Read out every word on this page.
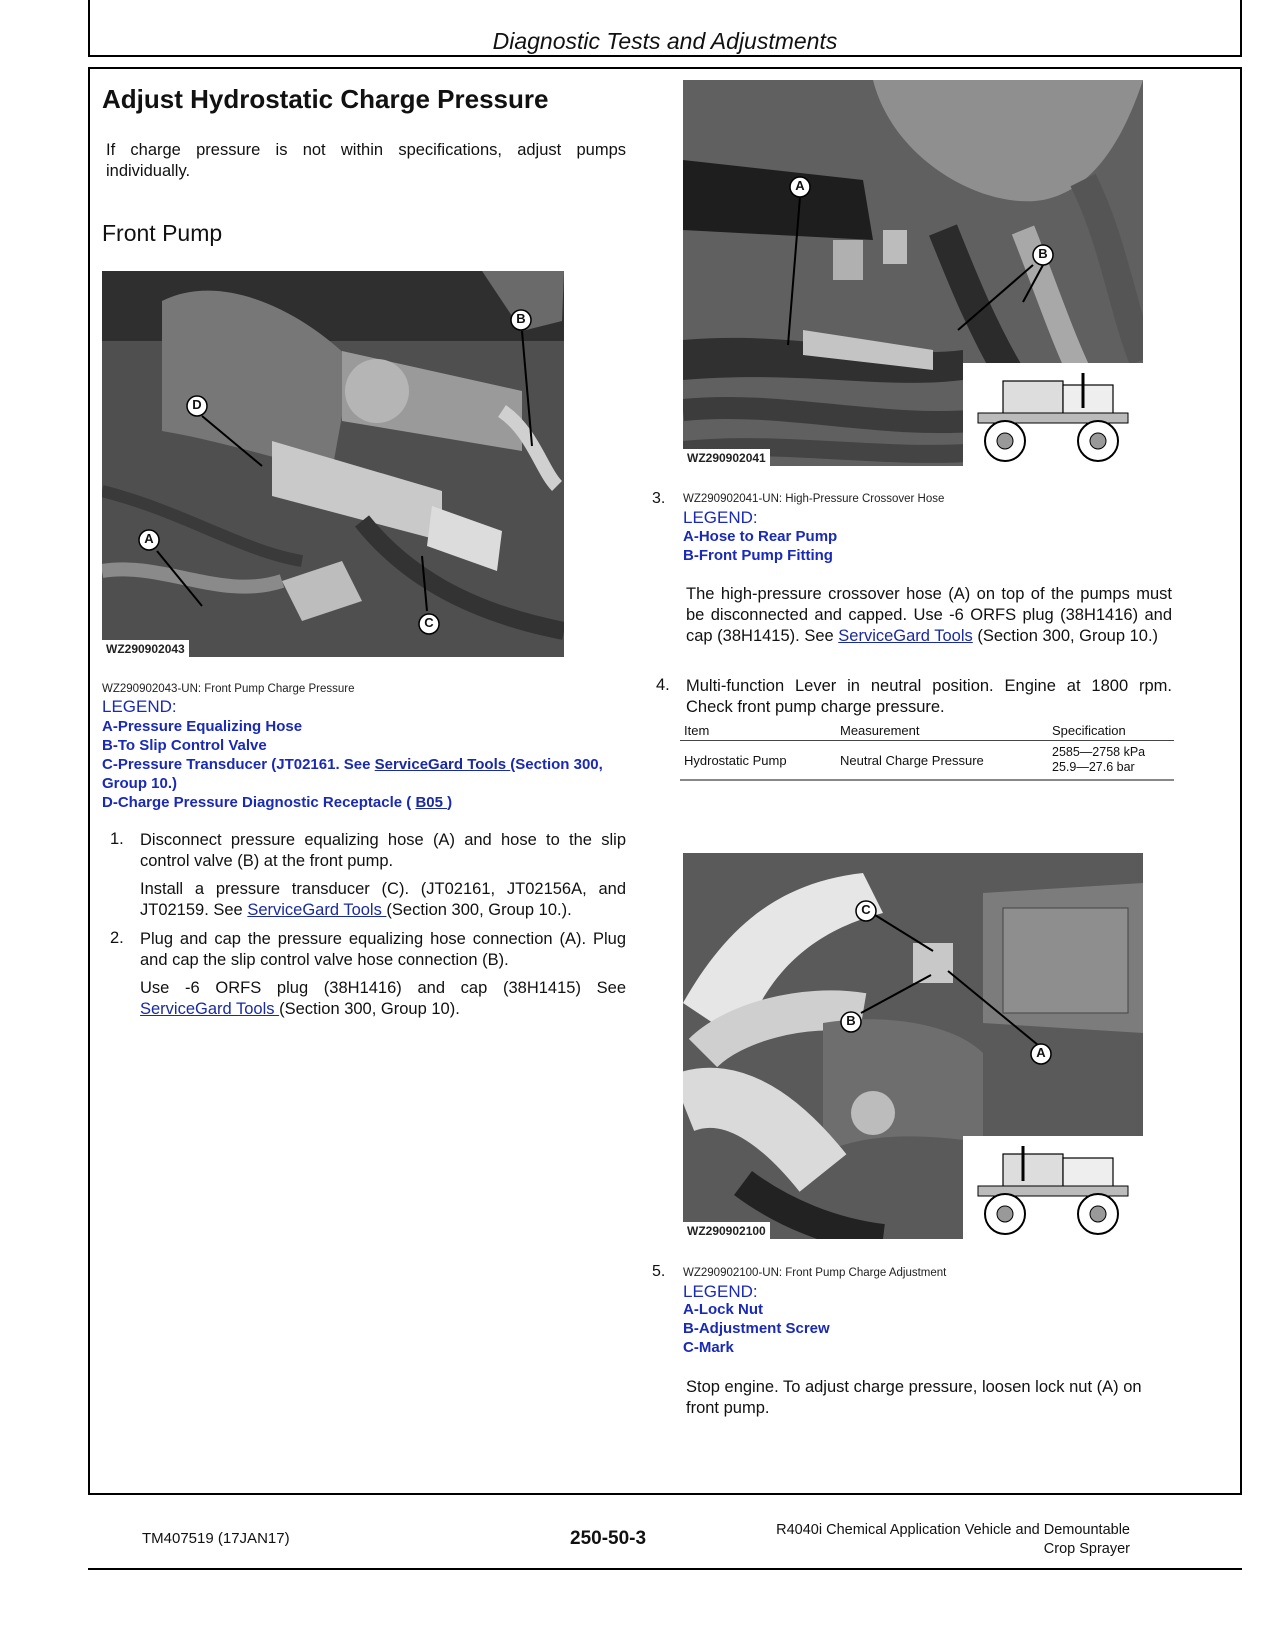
Diagnostic Tests and Adjustments
Adjust Hydrostatic Charge Pressure
If charge pressure is not within specifications, adjust pumps individually.
Front Pump
D
B
A
C
WZ290902043
WZ290902043-UN: Front Pump Charge Pressure
LEGEND:
A-Pressure Equalizing Hose
B-To Slip Control Valve
C-Pressure Transducer (JT02161. See ServiceGard Tools (Section 300, Group 10.)
D-Charge Pressure Diagnostic Receptacle ( B05 )
1. Disconnect pressure equalizing hose (A) and hose to the slip control valve (B) at the front pump.
Install a pressure transducer (C). (JT02161, JT02156A, and JT02159. See ServiceGard Tools (Section 300, Group 10.).
2. Plug and cap the pressure equalizing hose connection (A). Plug and cap the slip control valve hose connection (B).
Use -6 ORFS plug (38H1416) and cap (38H1415) See ServiceGard Tools (Section 300, Group 10).
A
B
WZ290902041
3. WZ290902041-UN: High-Pressure Crossover Hose
LEGEND:
A-Hose to Rear Pump
B-Front Pump Fitting
The high-pressure crossover hose (A) on top of the pumps must be disconnected and capped. Use -6 ORFS plug (38H1416) and cap (38H1415). See ServiceGard Tools (Section 300, Group 10.)
4. Multi-function Lever in neutral position. Engine at 1800 rpm. Check front pump charge pressure.
Item	Measurement	Specification
Hydrostatic Pump	Neutral Charge Pressure	2585—2758 kPa
25.9—27.6 bar
C
B
A
WZ290902100
5. WZ290902100-UN: Front Pump Charge Adjustment
LEGEND:
A-Lock Nut
B-Adjustment Screw
C-Mark
Stop engine. To adjust charge pressure, loosen lock nut (A) on front pump.
TM407519 (17JAN17)	250-50-3	R4040i Chemical Application Vehicle and Demountable
Crop Sprayer
